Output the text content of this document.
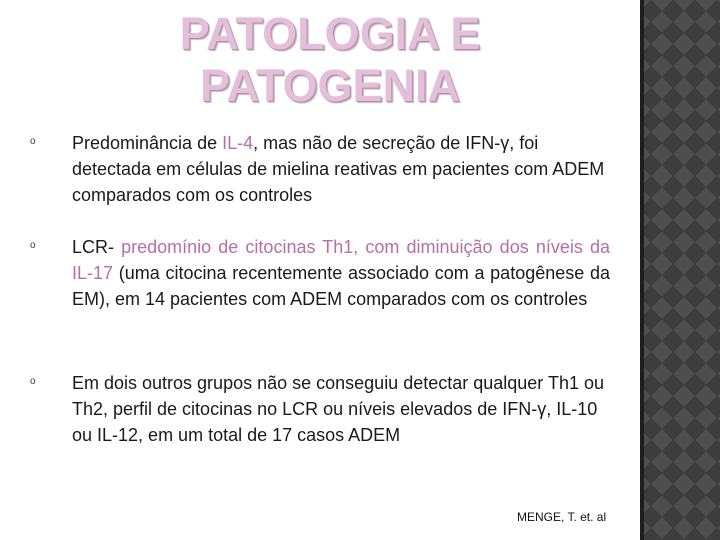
PATOLOGIA E
PATOGENIA
o Predominância de IL-4, mas não de secreção de IFN-γ, foi detectada em células de mielina reativas em pacientes com ADEM comparados com os controles
o LCR- predomínio de citocinas Th1, com diminuição dos níveis da IL-17 (uma citocina recentemente associado com a patogênese da EM), em 14 pacientes com ADEM comparados com os controles
o Em dois outros grupos não se conseguiu detectar qualquer Th1 ou Th2, perfil de citocinas no LCR ou níveis elevados de IFN-γ, IL-10 ou IL-12, em um total de 17 casos ADEM
MENGE, T. et. al
